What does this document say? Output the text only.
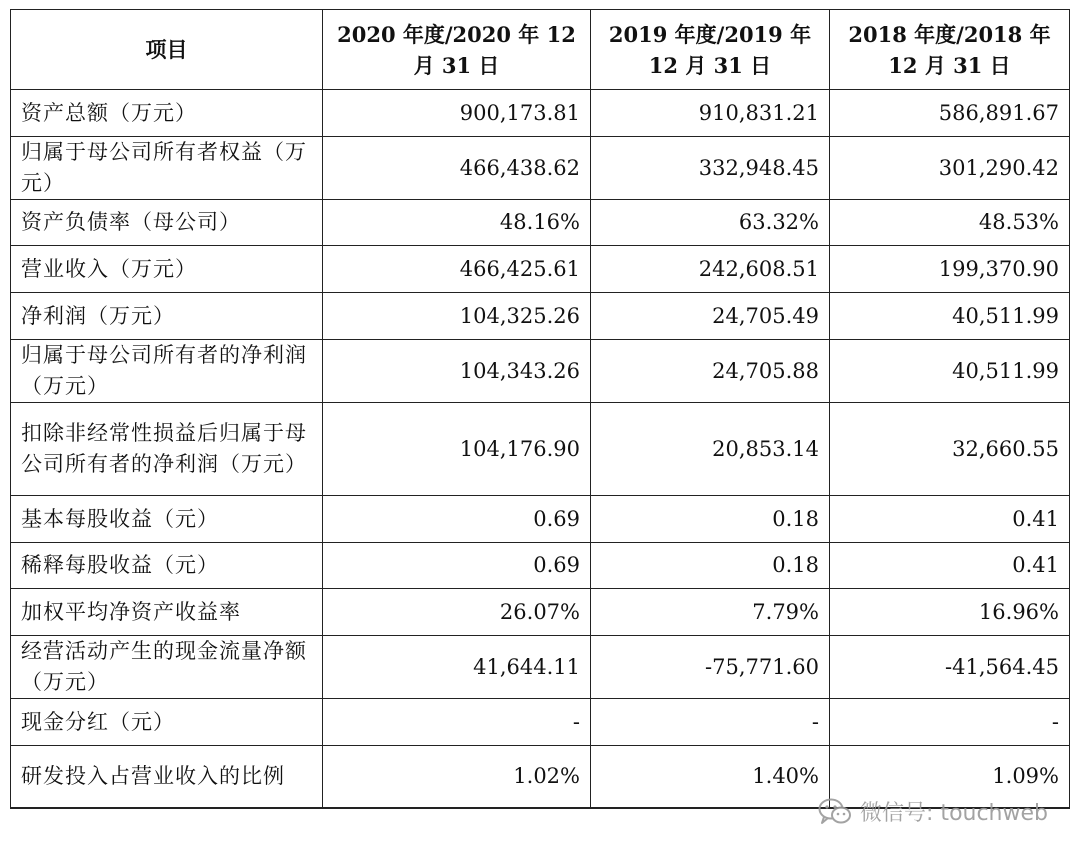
项目	2020 年度/2020 年 12 月 31 日	2019 年度/2019 年 12 月 31 日	2018 年度/2018 年 12 月 31 日
资产总额（万元）	900,173.81	910,831.21	586,891.67
归属于母公司所有者权益（万元）	466,438.62	332,948.45	301,290.42
资产负债率（母公司）	48.16%	63.32%	48.53%
营业收入（万元）	466,425.61	242,608.51	199,370.90
净利润（万元）	104,325.26	24,705.49	40,511.99
归属于母公司所有者的净利润（万元）	104,343.26	24,705.88	40,511.99
扣除非经常性损益后归属于母公司所有者的净利润（万元）	104,176.90	20,853.14	32,660.55
基本每股收益（元）	0.69	0.18	0.41
稀释每股收益（元）	0.69	0.18	0.41
加权平均净资产收益率	26.07%	7.79%	16.96%
经营活动产生的现金流量净额（万元）	41,644.11	-75,771.60	-41,564.45
现金分红（元）	-	-	-
研发投入占营业收入的比例	1.02%	1.40%	1.09%
微信号: touchweb
